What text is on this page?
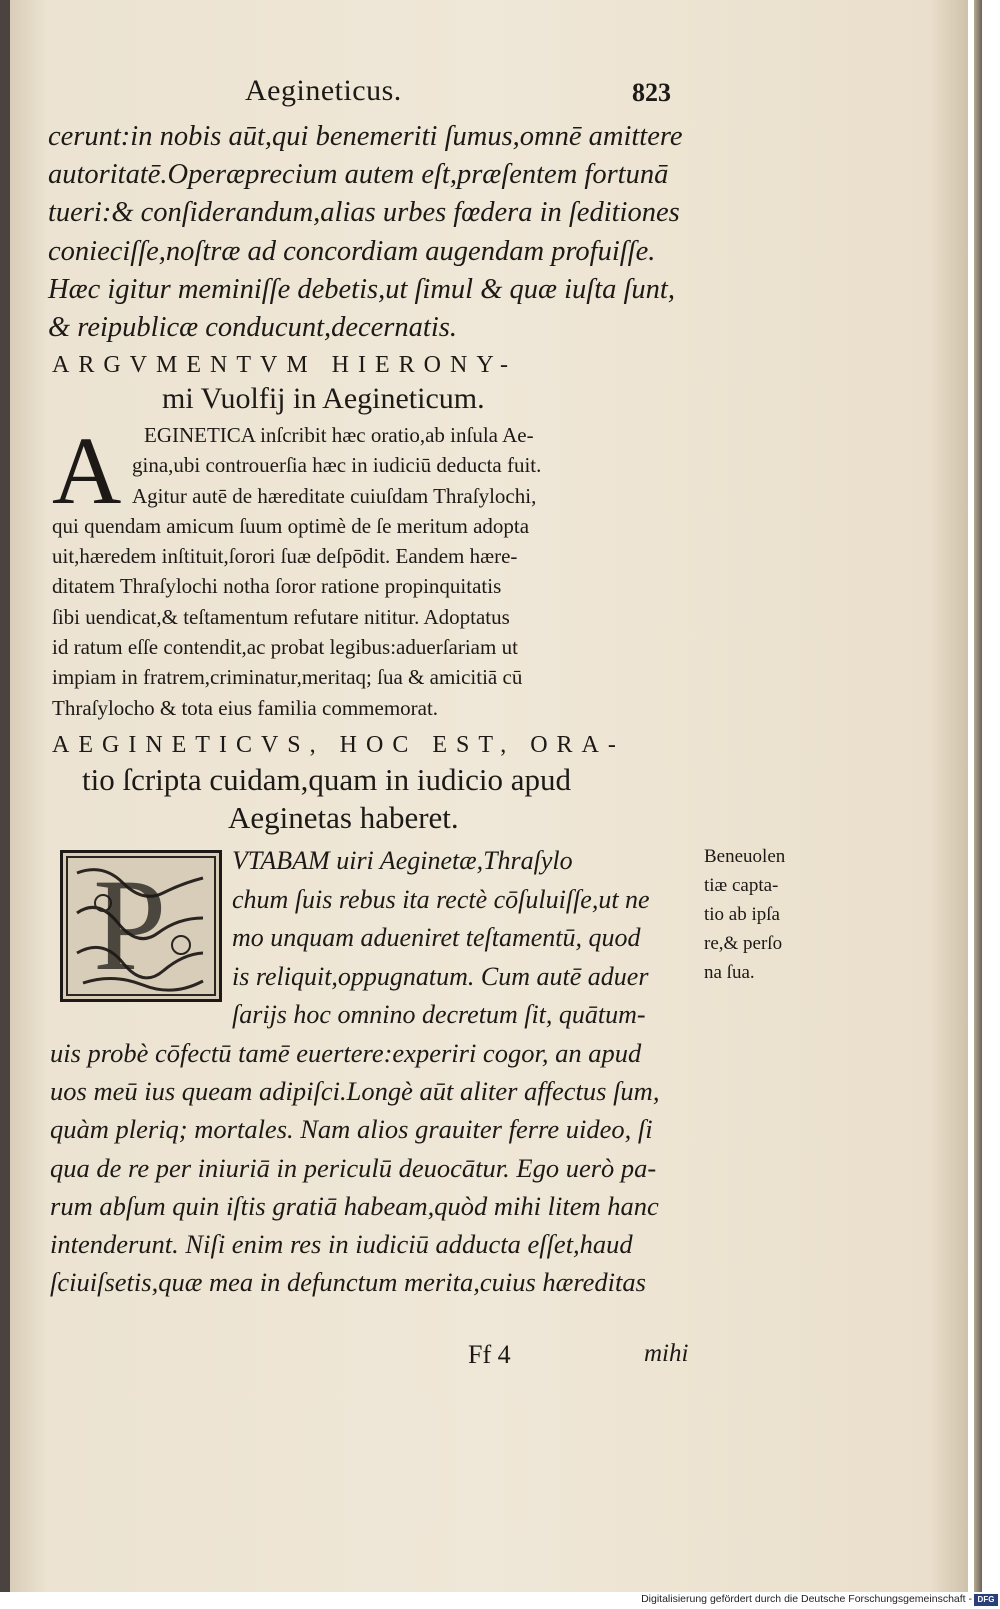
Aegineticus.	823
cerunt:in nobis aūt,qui benemeriti ſumus,omnē amittere
autoritatē.Operæprecium autem eſt,præſentem fortunā
tueri:& conſiderandum,alias urbes fœdera in ſeditiones
conieciſſe,noſtræ ad concordiam augendam profuiſſe.
Hæc igitur meminiſſe debetis,ut ſimul & quæ iuſta ſunt,
& reipublicæ conducunt,decernatis.
ARGVMENTVM HIERONY-
mi Vuolfij in Aegineticum.
A	EGINETICA inſcribit hæc oratio,ab inſula Ae-
gina,ubi controuerſia hæc in iudiciū deducta fuit.
Agitur autē de hæreditate cuiuſdam Thraſylochi,
qui quendam amicum ſuum optimè de ſe meritum adopta
uit,hæredem inſtituit,ſorori ſuæ deſpōdit. Eandem hære-
ditatem Thraſylochi notha ſoror ratione propinquitatis
ſibi uendicat,& teſtamentum refutare nititur. Adoptatus
id ratum eſſe contendit,ac probat legibus:aduerſariam ut
impiam in fratrem,criminatur,meritaq; ſua & amicitiā cū
Thraſylocho & tota eius familia commemorat.
AEGINETICVS, HOC EST, ORA-
tio ſcripta cuidam,quam in iudicio apud
Aeginetas haberet.
P	VTABAM uiri Aeginetæ,Thraſylo
chum ſuis rebus ita rectè cōſuluiſſe,ut ne
mo unquam adueniret teſtamentū, quod
is reliquit,oppugnatum. Cum autē aduer
ſarijs hoc omnino decretum ſit, quātum-
uis probè cōfectū tamē euertere:experiri cogor, an apud
uos meū ius queam adipiſci.Longè aūt aliter affectus ſum,
quàm pleriq; mortales. Nam alios grauiter ferre uideo, ſi
qua de re per iniuriā in periculū deuocātur. Ego uerò pa-
rum abſum quin iſtis gratiā habeam,quòd mihi litem hanc
intenderunt. Niſi enim res in iudiciū adducta eſſet,haud
ſciuiſsetis,quæ mea in defunctum merita,cuius hæreditas
Beneuolen
tiæ capta-
tio ab ipſa
re,& perſo
na ſua.
Ff 4	mihi
Digitalisierung gefördert durch die Deutsche Forschungsgemeinschaft - DFG
